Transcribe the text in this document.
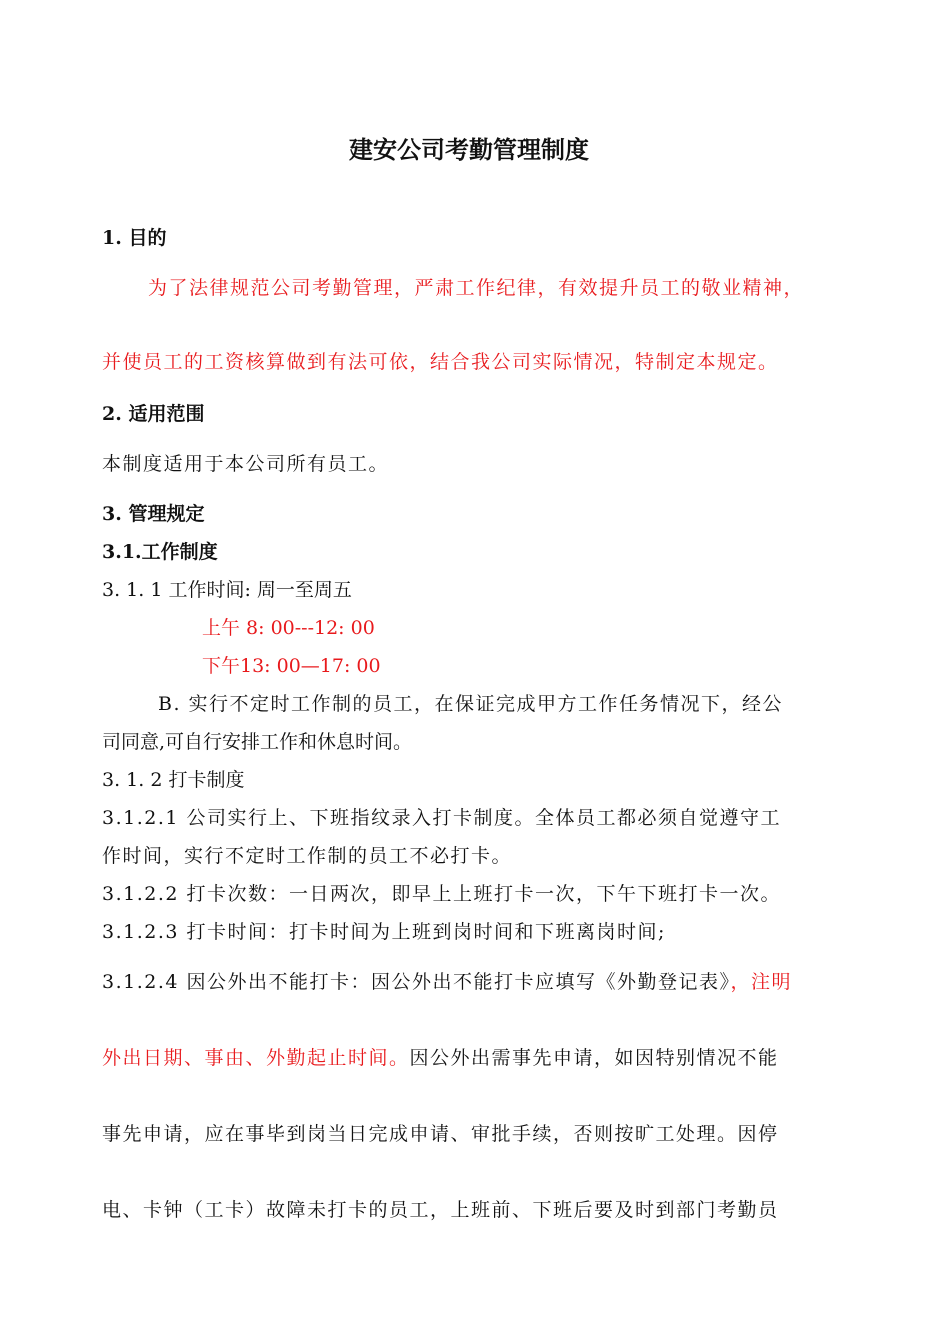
建安公司考勤管理制度
1. 目的
为了法律规范公司考勤管理，严肃工作纪律，有效提升员工的敬业精神，
并使员工的工资核算做到有法可依，结合我公司实际情况，特制定本规定。
2. 适用范围
本制度适用于本公司所有员工。
3. 管理规定
3.1.工作制度
3. 1. 1 工作时间: 周一至周五
上午 8: 00---12: 00
下午13: 00—17: 00
B. 实行不定时工作制的员工，在保证完成甲方工作任务情况下，经公
司同意,可自行安排工作和休息时间。
3. 1. 2 打卡制度
3.1.2.1 公司实行上、下班指纹录入打卡制度。全体员工都必须自觉遵守工
作时间，实行不定时工作制的员工不必打卡。
3.1.2.2 打卡次数：一日两次，即早上上班打卡一次，下午下班打卡一次。
3.1.2.3 打卡时间：打卡时间为上班到岗时间和下班离岗时间;
3.1.2.4 因公外出不能打卡：因公外出不能打卡应填写《外勤登记表》，注明
外出日期、事由、外勤起止时间。因公外出需事先申请，如因特别情况不能
事先申请，应在事毕到岗当日完成申请、审批手续，否则按旷工处理。因停
电、卡钟（工卡）故障未打卡的员工，上班前、下班后要及时到部门考勤员
